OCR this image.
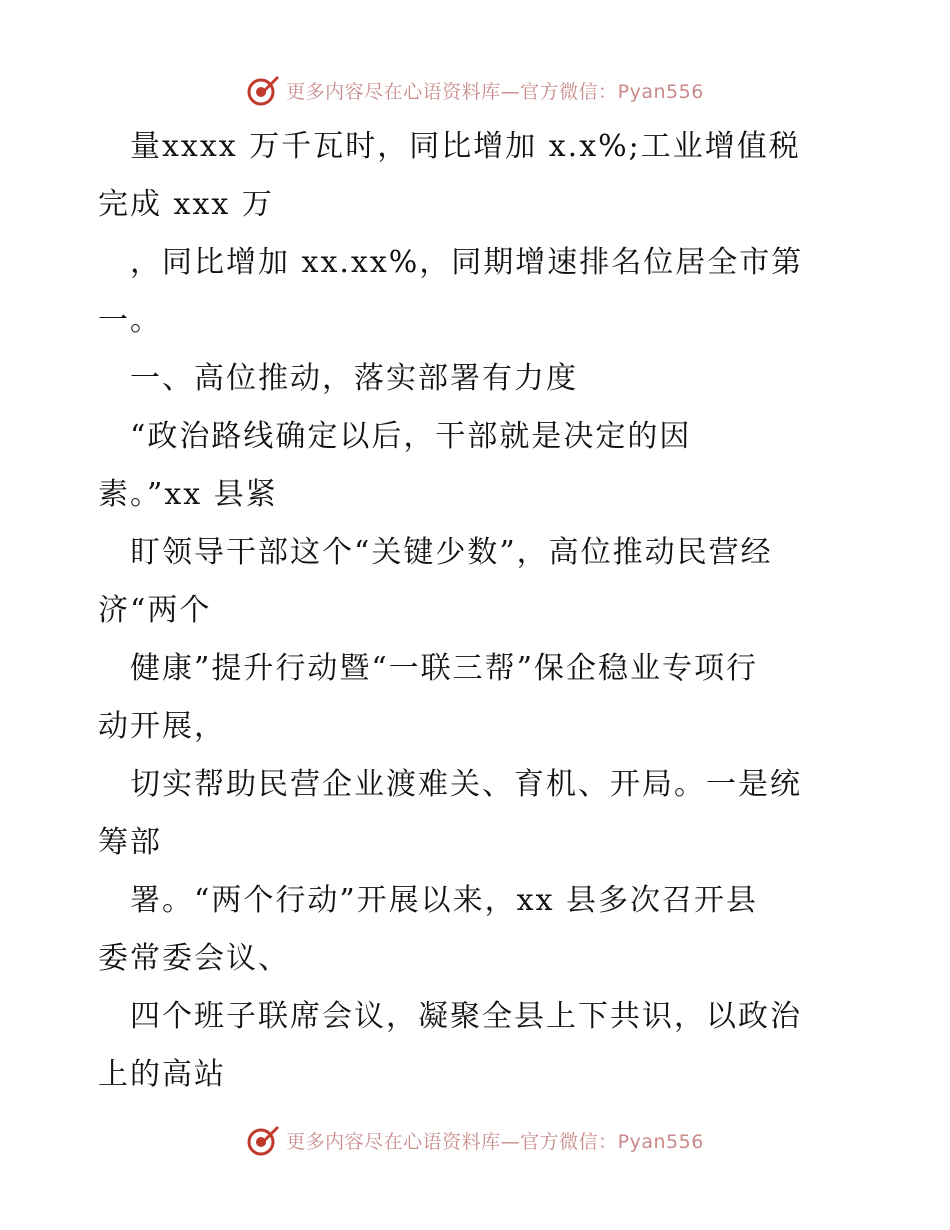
更多内容尽在心语资料库—官方微信：Pyan556
　量xxxx 万千瓦时，同比增加 x.x%;工业增值税
完成 xxx 万
　，同比增加 xx.xx%，同期增速排名位居全市第
一。
　一、高位推动，落实部署有力度
　“政治路线确定以后，干部就是决定的因
素。”xx 县紧
　盯领导干部这个“关键少数”，高位推动民营经
济“两个
　健康”提升行动暨“一联三帮”保企稳业专项行
动开展，
　切实帮助民营企业渡难关、育机、开局。一是统
筹部
　署。“两个行动”开展以来，xx 县多次召开县
委常委会议、
　四个班子联席会议，凝聚全县上下共识，以政治
上的高站
更多内容尽在心语资料库—官方微信：Pyan556
